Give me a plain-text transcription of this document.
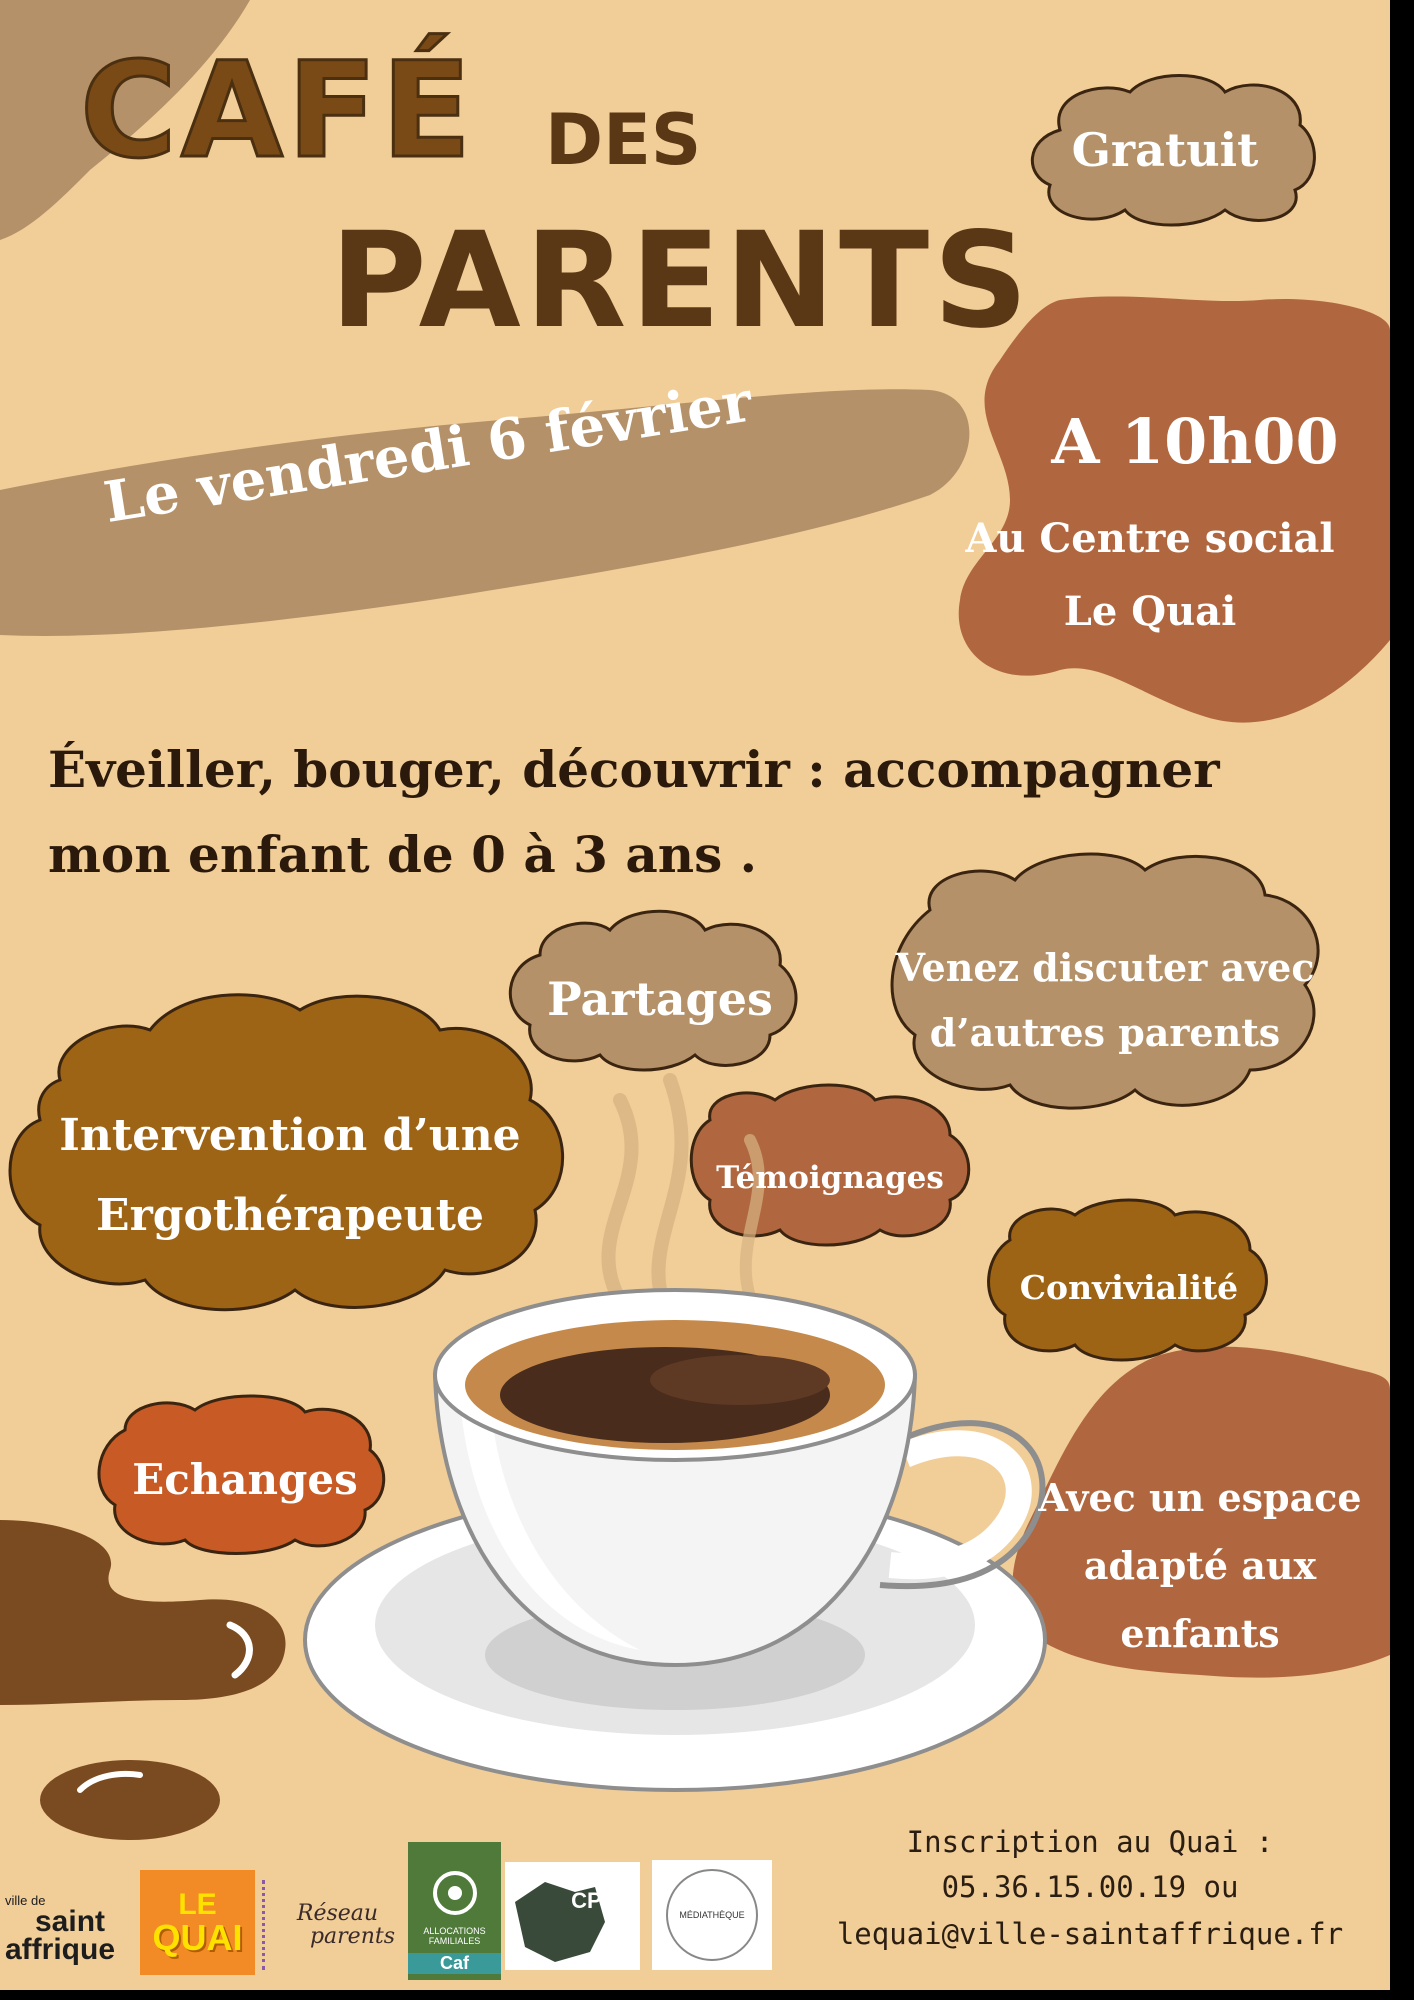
CAFÉ DES
PARENTS
Gratuit
A 10h00
Au Centre social
Le Quai
Le vendredi 6 février
Éveiller, bouger, découvrir : accompagner
mon enfant de 0 à 3 ans .
Partages
Venez discuter avec
d’autres parents
Intervention d’une
Ergothérapeute
Témoignages
Convivialité
Echanges	Avec un espace
adapté aux
enfants
Inscription au Quai :
05.36.15.00.19 ou
lequai@ville-saintaffrique.fr
ville de
saint
affrique
LE
QUAI
Réseau
parents	ALLOCATIONS FAMILIALES
Caf
CPTS
MÉDIATHÈQUE
